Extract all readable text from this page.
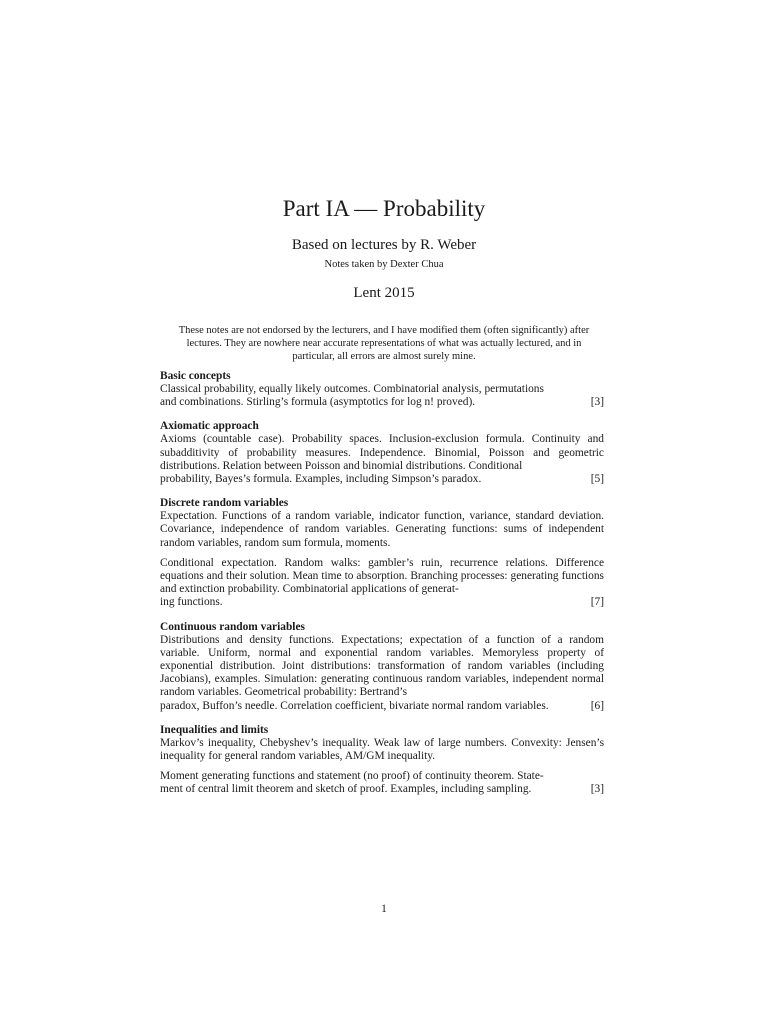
Part IA — Probability
Based on lectures by R. Weber
Notes taken by Dexter Chua
Lent 2015
These notes are not endorsed by the lecturers, and I have modified them (often significantly) after lectures. They are nowhere near accurate representations of what was actually lectured, and in particular, all errors are almost surely mine.
Basic concepts
Classical probability, equally likely outcomes. Combinatorial analysis, permutations
and combinations. Stirling’s formula (asymptotics for log n! proved).	[3]
Axiomatic approach
Axioms (countable case). Probability spaces. Inclusion-exclusion formula. Continuity and subadditivity of probability measures. Independence. Binomial, Poisson and geometric distributions. Relation between Poisson and binomial distributions. Conditional
probability, Bayes’s formula. Examples, including Simpson’s paradox.	[5]
Discrete random variables
Expectation. Functions of a random variable, indicator function, variance, standard deviation. Covariance, independence of random variables. Generating functions: sums of independent random variables, random sum formula, moments.
Conditional expectation. Random walks: gambler’s ruin, recurrence relations. Difference equations and their solution. Mean time to absorption. Branching processes: generating functions and extinction probability. Combinatorial applications of generat-
ing functions.	[7]
Continuous random variables
Distributions and density functions. Expectations; expectation of a function of a random variable. Uniform, normal and exponential random variables. Memoryless property of exponential distribution. Joint distributions: transformation of random variables (including Jacobians), examples. Simulation: generating continuous random variables, independent normal random variables. Geometrical probability: Bertrand’s
paradox, Buffon’s needle. Correlation coefficient, bivariate normal random variables.	[6]
Inequalities and limits
Markov’s inequality, Chebyshev’s inequality. Weak law of large numbers. Convexity: Jensen’s inequality for general random variables, AM/GM inequality.
Moment generating functions and statement (no proof) of continuity theorem. State-
ment of central limit theorem and sketch of proof. Examples, including sampling.	[3]
1
